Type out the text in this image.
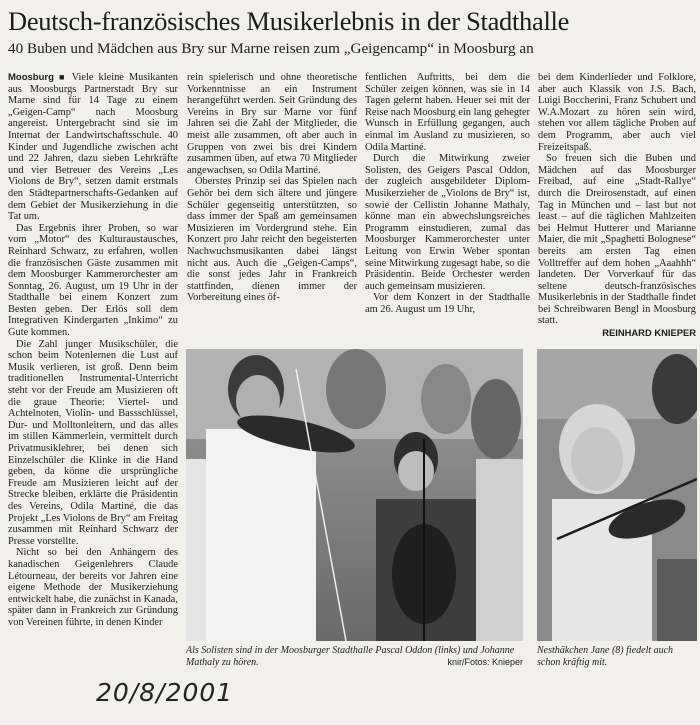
Deutsch-französisches Musikerlebnis in der Stadthalle
40 Buben und Mädchen aus Bry sur Marne reisen zum „Geigencamp“ in Moosburg an

Moosburg ■ Viele kleine Musikanten aus Moosburgs Partnerstadt Bry sur Marne sind für 14 Tage zu einem „Geigen-Camp“ nach Moosburg angereist. Untergebracht sind sie im Internat der Landwirtschaftsschule. 40 Kinder und Jugendliche zwischen acht und 22 Jahren, dazu sieben Lehrkräfte und vier Betreuer des Vereins „Les Violons de Bry“, setzen damit erstmals den Städtepartnerschafts-Gedanken auf dem Gebiet der Musikerziehung in die Tat um.

Das Ergebnis ihrer Proben, so war vom „Motor“ des Kulturaustausches, Reinhard Schwarz, zu erfahren, wollen die französischen Gäste zusammen mit dem Moosburger Kammerorchester am Sonntag, 26. August, um 19 Uhr in der Stadthalle bei einem Konzert zum Besten geben. Der Erlös soll dem Integrativen Kindergarten „Inkimo“ zu Gute kommen.

Die Zahl junger Musikschüler, die schon beim Notenlernen die Lust auf Musik verlieren, ist groß. Denn beim traditionellen Instrumental-Unterricht steht vor der Freude am Musizieren oft die graue Theorie: Viertel- und Achtelnoten, Violin- und Bassschlüssel, Dur- und Molltonleitern, und das alles im stillen Kämmerlein, vermittelt durch Privatmusiklehrer, bei denen sich Einzelschüler die Klinke in die Hand geben, da könne die ursprüngliche Freude am Musizieren leicht auf der Strecke bleiben, erklärte die Präsidentin des Vereins, Odila Martiné, die das Projekt „Les Violons de Bry“ am Freitag zusammen mit Reinhard Schwarz der Presse vorstellte.

Nicht so bei den Anhängern des kanadischen Geigenlehrers Claude Létourneau, der bereits vor Jahren eine eigene Methode der Musikerziehung entwickelt habe, die zunächst in Kanada, später dann in Frankreich zur Gründung von Vereinen führte, in denen Kinder

rein spielerisch und ohne theoretische Vorkenntnisse an ein Instrument herangeführt werden. Seit Gründung des Vereins in Bry sur Marne vor fünf Jahren sei die Zahl der Mitglieder, die meist alle zusammen, oft aber auch in Gruppen von zwei bis drei Kindern zusammen üben, auf etwa 70 Mitglieder angewachsen, so Odila Martiné.

Oberstes Prinzip sei das Spielen nach Gehör bei dem sich ältere und jüngere Schüler gegenseitig unterstützten, so dass immer der Spaß am gemeinsamen Musizieren im Vordergrund stehe. Ein Konzert pro Jahr reicht den begeisterten Nachwuchsmusikanten dabei längst nicht aus. Auch die „Geigen-Camps“, die sonst jedes Jahr in Frankreich stattfinden, dienen immer der Vorbereitung eines öf-

fentlichen Auftritts, bei dem die Schüler zeigen können, was sie in 14 Tagen gelernt haben. Heuer sei mit der Reise nach Moosburg ein lang gehegter Wunsch in Erfüllung gegangen, auch einmal im Ausland zu musizieren, so Odila Martiné.

Durch die Mitwirkung zweier Solisten, des Geigers Pascal Oddon, der zugleich ausgebildeter Diplom-Musikerzieher de „Violons de Bry“ ist, sowie der Cellistin Johanne Mathaly, könne man ein abwechslungsreiches Programm einstudieren, zumal das Moosburger Kammerorchester unter Leitung von Erwin Weber spontan seine Mitwirkung zugesagt habe, so die Präsidentin. Beide Orchester werden auch gemeinsam musizieren.

Vor dem Konzert in der Stadthalle am 26. August um 19 Uhr,

bei dem Kinderlieder und Folklore, aber auch Klassik von J.S. Bach, Luigi Boccherini, Franz Schubert und W.A.Mozart zu hören sein wird, stehen vor allem tägliche Proben auf dem Programm, aber auch viel Freizeitspaß.

So freuen sich die Buben und Mädchen auf das Moosburger Freibad, auf eine „Stadt-Rallye“ durch die Dreirosenstadt, auf einen Tag in München und – last but not least – auf die täglichen Mahlzeiten bei Helmut Hutterer und Marianne Maier, die mit „Spaghetti Bolognese“ bereits am ersten Tag einen Volltreffer auf dem hohen „Aaahhh“ landeten. Der Vorverkauf für das seltene deutsch-französisches Musikerlebnis in der Stadthalle findet bei Schreibwaren Bengl in Moosburg statt.

REINHARD KNIEPER
Als Solisten sind in der Moosburger Stadthalle Pascal Oddon (links) und Johanne Mathaly zu hören.	knir/Fotos: Knieper
Nesthäkchen Jane (8) fiedelt auch schon kräftig mit.
20/8/2001
